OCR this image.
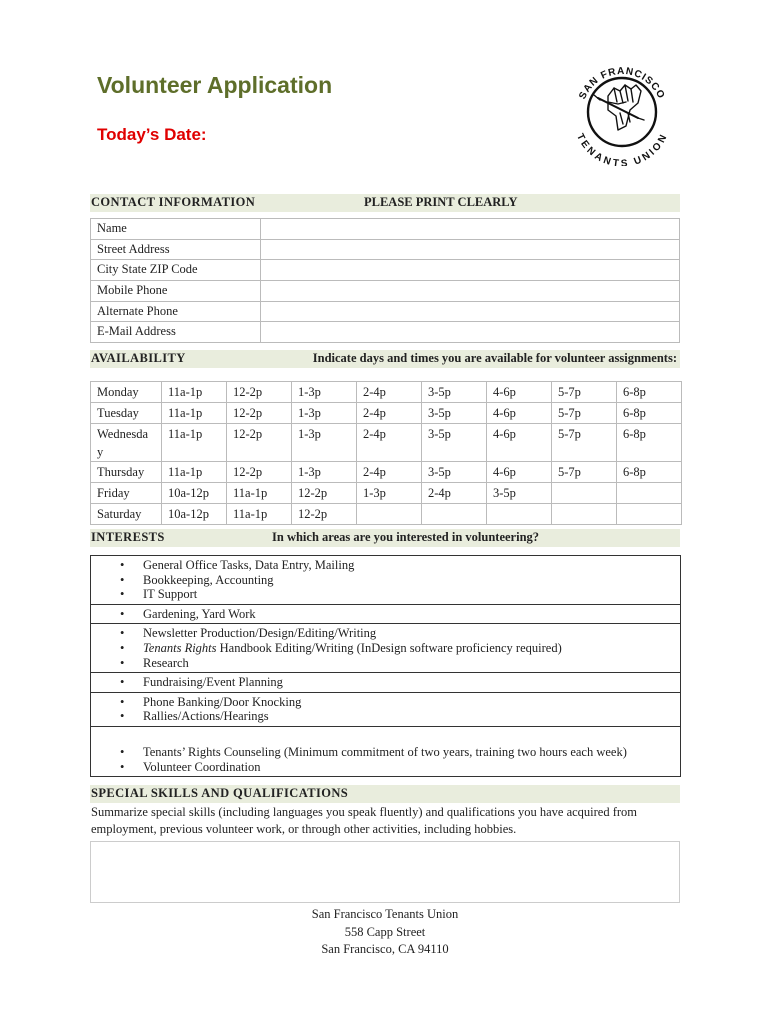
Volunteer Application
Today’s Date:
SAN FRANCISCO
TENANTS UNION
CONTACT INFORMATION	PLEASE PRINT CLEARLY
Name	
Street Address	
City State ZIP Code	
Mobile Phone	
Alternate Phone	
E-Mail Address	
AVAILABILITY	Indicate days and times you are available for volunteer assignments:
Monday	11a-1p	12-2p	1-3p	2-4p	3-5p	4-6p	5-7p	6-8p
Tuesday	11a-1p	12-2p	1-3p	2-4p	3-5p	4-6p	5-7p	6-8p

Wednesda
y	11a-1p	12-2p	1-3p	2-4p	3-5p	4-6p	5-7p	6-8p
Thursday	11a-1p	12-2p	1-3p	2-4p	3-5p	4-6p	5-7p	6-8p
Friday	10a-12p	11a-1p	12-2p	1-3p	2-4p	3-5p		
Saturday	10a-12p	11a-1p	12-2p					
INTERESTS	In which areas are you interested in volunteering?
• General Office Tasks, Data Entry, Mailing
• Bookkeeping, Accounting
• IT Support
• Gardening, Yard Work
• Newsletter Production/Design/Editing/Writing
• Tenants Rights Handbook Editing/Writing (InDesign software proficiency required)
• Research
• Fundraising/Event Planning
• Phone Banking/Door Knocking
• Rallies/Actions/Hearings
• Tenants’ Rights Counseling (Minimum commitment of two years, training two hours each week)
• Volunteer Coordination
SPECIAL SKILLS AND QUALIFICATIONS
Summarize special skills (including languages you speak fluently) and qualifications you have acquired from employment, previous volunteer work, or through other activities, including hobbies.
San Francisco Tenants Union
558 Capp Street
San Francisco, CA 94110
